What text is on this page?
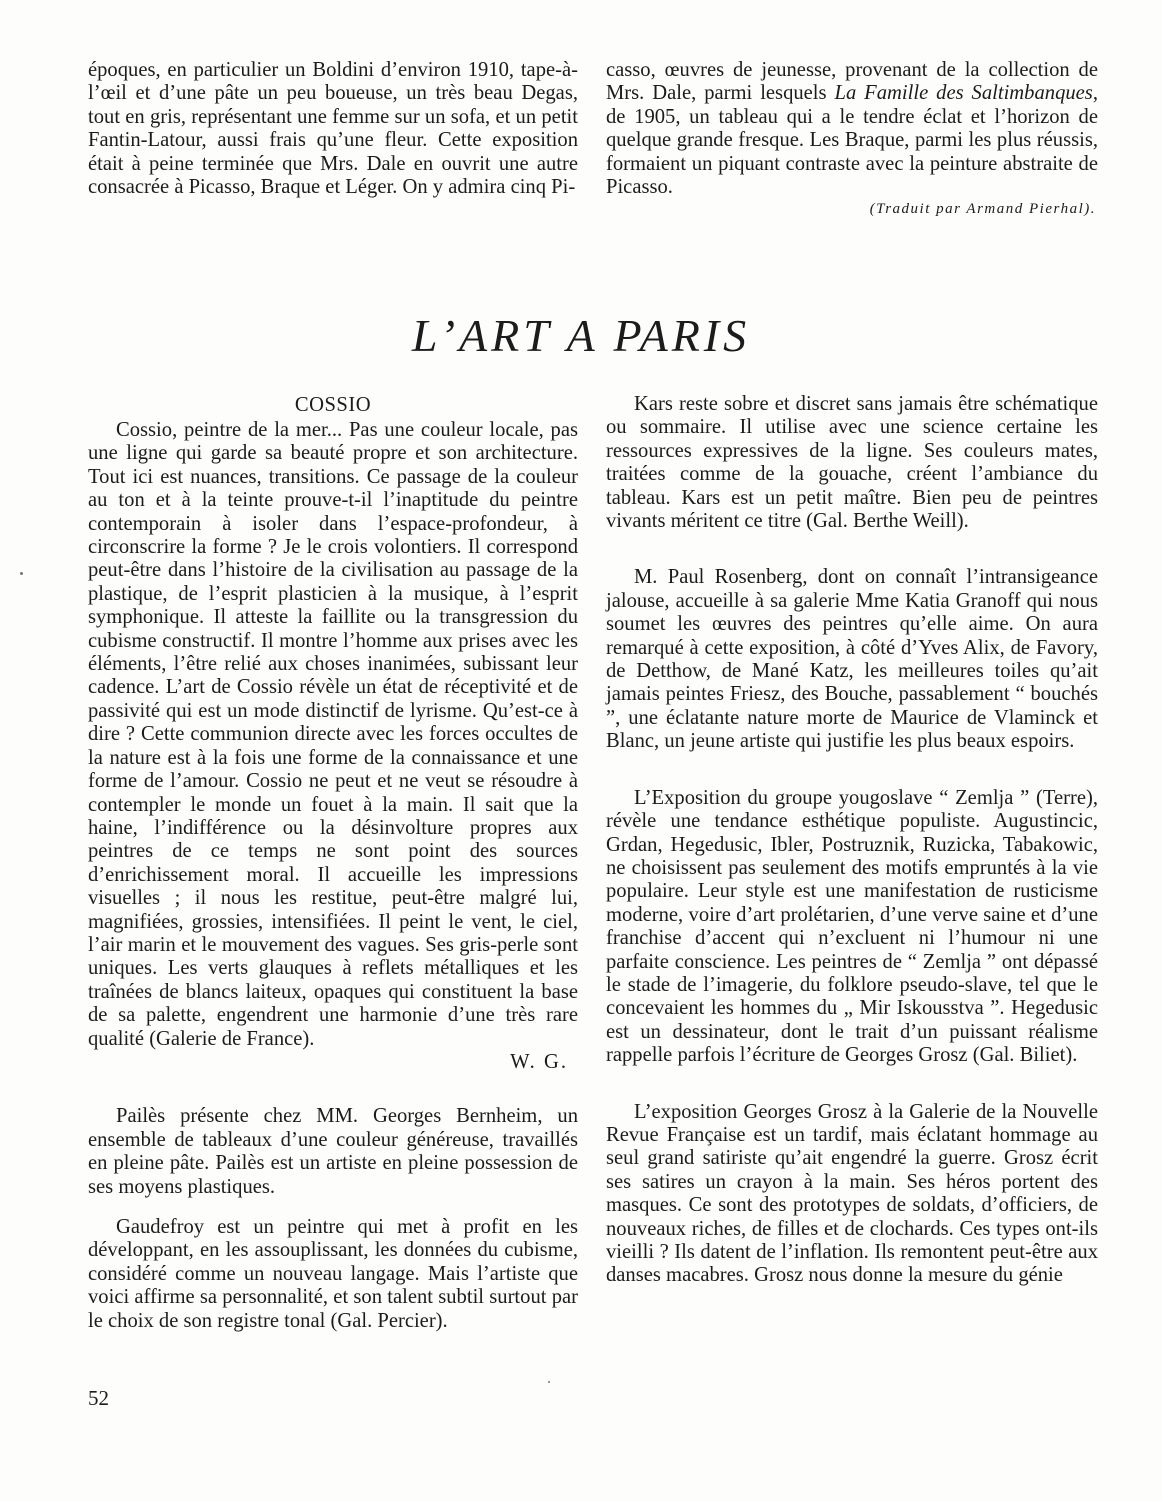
époques, en particulier un Boldini d’environ 1910, tape-à-l’œil et d’une pâte un peu boueuse, un très beau Degas, tout en gris, représentant une femme sur un sofa, et un petit Fantin-Latour, aussi frais qu’une fleur. Cette exposition était à peine terminée que Mrs. Dale en ouvrit une autre consacrée à Picasso, Braque et Léger. On y admira cinq Pi-

casso, œuvres de jeunesse, provenant de la collection de Mrs. Dale, parmi lesquels La Famille des Saltimbanques, de 1905, un tableau qui a le tendre éclat et l’horizon de quelque grande fresque. Les Braque, parmi les plus réussis, formaient un piquant contraste avec la peinture abstraite de Picasso.

(Traduit par Armand Pierhal).

L’ART A PARIS

COSSIO

Cossio, peintre de la mer... Pas une couleur locale, pas une ligne qui garde sa beauté propre et son architecture. Tout ici est nuances, transitions. Ce passage de la couleur au ton et à la teinte prouve-t-il l’inaptitude du peintre contemporain à isoler dans l’espace-profondeur, à circonscrire la forme ? Je le crois volontiers. Il correspond peut-être dans l’histoire de la civilisation au passage de la plastique, de l’esprit plasticien à la musique, à l’esprit symphonique. Il atteste la faillite ou la transgression du cubisme constructif. Il montre l’homme aux prises avec les éléments, l’être relié aux choses inanimées, subissant leur cadence. L’art de Cossio révèle un état de réceptivité et de passivité qui est un mode distinctif de lyrisme. Qu’est-ce à dire ? Cette communion directe avec les forces occultes de la nature est à la fois une forme de la connaissance et une forme de l’amour. Cossio ne peut et ne veut se résoudre à contempler le monde un fouet à la main. Il sait que la haine, l’indifférence ou la désinvolture propres aux peintres de ce temps ne sont point des sources d’enrichissement moral. Il accueille les impressions visuelles ; il nous les restitue, peut-être malgré lui, magnifiées, grossies, intensifiées. Il peint le vent, le ciel, l’air marin et le mouvement des vagues. Ses gris-perle sont uniques. Les verts glauques à reflets métalliques et les traînées de blancs laiteux, opaques qui constituent la base de sa palette, engendrent une harmonie d’une très rare qualité (Galerie de France).

W. G.

Pailès présente chez MM. Georges Bernheim, un ensemble de tableaux d’une couleur généreuse, travaillés en pleine pâte. Pailès est un artiste en pleine possession de ses moyens plastiques.

Gaudefroy est un peintre qui met à profit en les développant, en les assouplissant, les données du cubisme, considéré comme un nouveau langage. Mais l’artiste que voici affirme sa personnalité, et son talent subtil surtout par le choix de son registre tonal (Gal. Percier).

Kars reste sobre et discret sans jamais être schématique ou sommaire. Il utilise avec une science certaine les ressources expressives de la ligne. Ses couleurs mates, traitées comme de la gouache, créent l’ambiance du tableau. Kars est un petit maître. Bien peu de peintres vivants méritent ce titre (Gal. Berthe Weill).

M. Paul Rosenberg, dont on connaît l’intransigeance jalouse, accueille à sa galerie Mme Katia Granoff qui nous soumet les œuvres des peintres qu’elle aime. On aura remarqué à cette exposition, à côté d’Yves Alix, de Favory, de Detthow, de Mané Katz, les meilleures toiles qu’ait jamais peintes Friesz, des Bouche, passablement “ bouchés ”, une éclatante nature morte de Maurice de Vlaminck et Blanc, un jeune artiste qui justifie les plus beaux espoirs.

L’Exposition du groupe yougoslave “ Zemlja ” (Terre), révèle une tendance esthétique populiste. Augustincic, Grdan, Hegedusic, Ibler, Postruznik, Ruzicka, Tabakowic, ne choisissent pas seulement des motifs empruntés à la vie populaire. Leur style est une manifestation de rusticisme moderne, voire d’art prolétarien, d’une verve saine et d’une franchise d’accent qui n’excluent ni l’humour ni une parfaite conscience. Les peintres de “ Zemlja ” ont dépassé le stade de l’imagerie, du folklore pseudo-slave, tel que le concevaient les hommes du „ Mir Iskousstva ”. Hegedusic est un dessinateur, dont le trait d’un puissant réalisme rappelle parfois l’écriture de Georges Grosz (Gal. Biliet).

L’exposition Georges Grosz à la Galerie de la Nouvelle Revue Française est un tardif, mais éclatant hommage au seul grand satiriste qu’ait engendré la guerre. Grosz écrit ses satires un crayon à la main. Ses héros portent des masques. Ce sont des prototypes de soldats, d’officiers, de nouveaux riches, de filles et de clochards. Ces types ont-ils vieilli ? Ils datent de l’inflation. Ils remontent peut-être aux danses macabres. Grosz nous donne la mesure du génie

52
